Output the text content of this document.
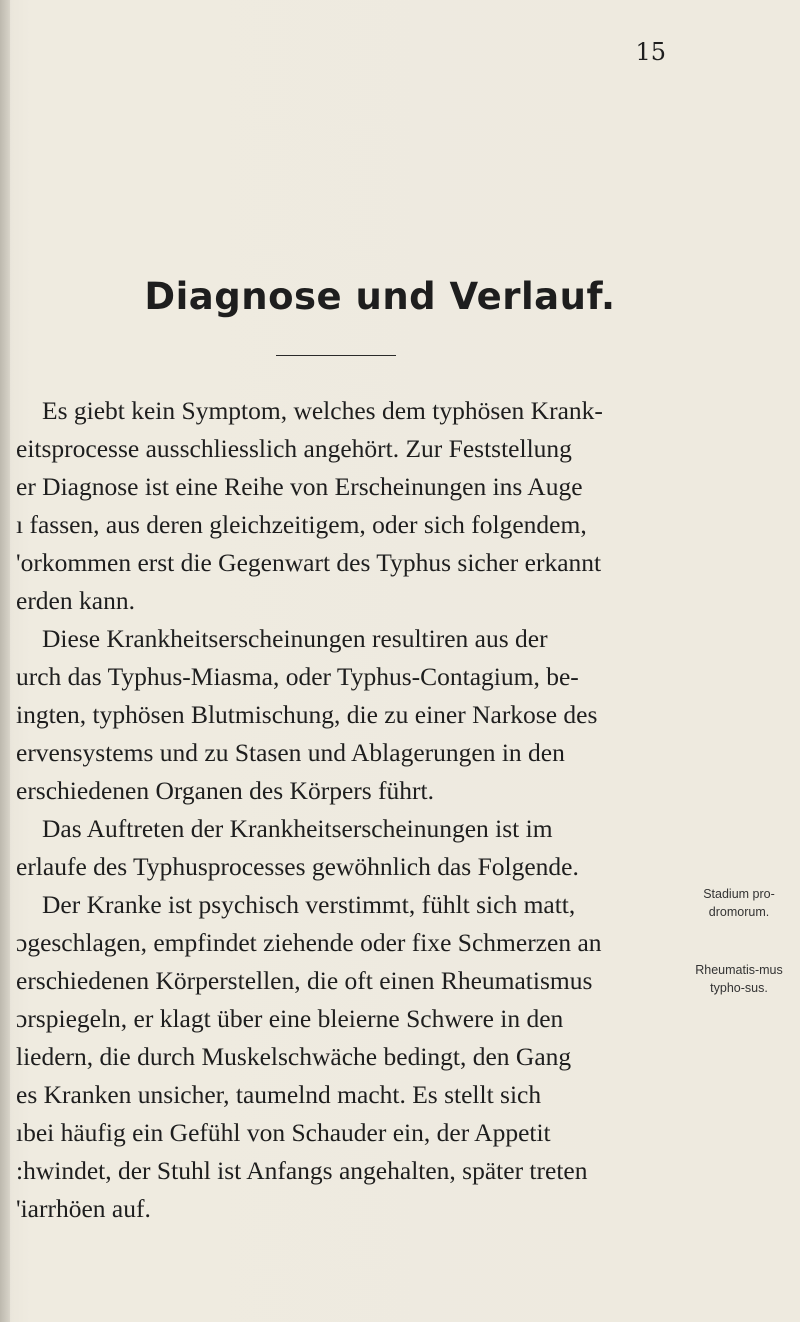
15
Diagnose und Verlauf.
Es giebt kein Symptom, welches dem typhösen Krank-
eitsprocesse ausschliesslich angehört. Zur Feststellung
er Diagnose ist eine Reihe von Erscheinungen ins Auge
ı fassen, aus deren gleichzeitigem, oder sich folgendem,
'orkommen erst die Gegenwart des Typhus sicher erkannt
erden kann.
Diese Krankheitserscheinungen resultiren aus der
urch das Typhus-Miasma, oder Typhus-Contagium, be-
ingten, typhösen Blutmischung, die zu einer Narkose des
ervensystems und zu Stasen und Ablagerungen in den
erschiedenen Organen des Körpers führt.
Das Auftreten der Krankheitserscheinungen ist im
erlaufe des Typhusprocesses gewöhnlich das Folgende.
Der Kranke ist psychisch verstimmt, fühlt sich matt,
ɔgeschlagen, empfindet ziehende oder fixe Schmerzen an
erschiedenen Körperstellen, die oft einen Rheumatismus
ɔrspiegeln, er klagt über eine bleierne Schwere in den
liedern, die durch Muskelschwäche bedingt, den Gang
es Kranken unsicher, taumelnd macht. Es stellt sich
ıbei häufig ein Gefühl von Schauder ein, der Appetit
:hwindet, der Stuhl ist Anfangs angehalten, später treten
'iarrhöen auf.
Stadium pro-dromorum.
Rheumatis-mus typho-sus.
